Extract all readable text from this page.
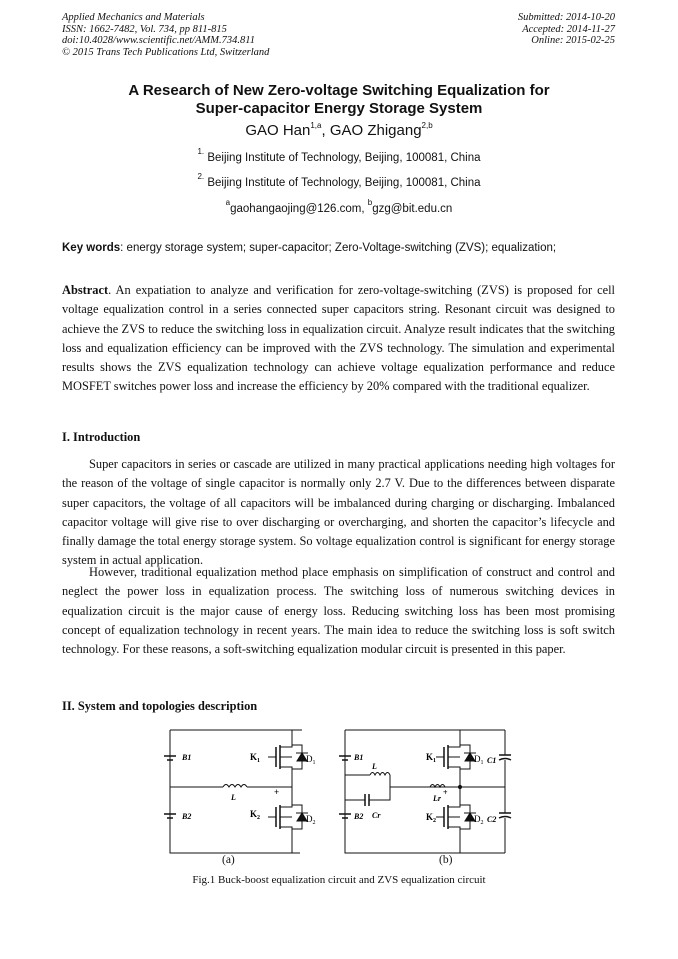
Applied Mechanics and Materials
ISSN: 1662-7482, Vol. 734, pp 811-815
doi:10.4028/www.scientific.net/AMM.734.811
© 2015 Trans Tech Publications Ltd, Switzerland
Submitted: 2014-10-20
Accepted: 2014-11-27
Online: 2015-02-25
A Research of New Zero-voltage Switching Equalization for
Super-capacitor Energy Storage System
GAO Han$^{1,a}$, GAO Zhigang$^{2,b}$
$^{1.}$ Beijing Institute of Technology, Beijing, 100081, China
$^{2.}$ Beijing Institute of Technology, Beijing, 100081, China
$^a$gaohangaojing@126.com, $^b$gzg@bit.edu.cn
Key words: energy storage system; super-capacitor; Zero-Voltage-switching (ZVS); equalization;
Abstract. An expatiation to analyze and verification for zero-voltage-switching (ZVS) is proposed for cell voltage equalization control in a series connected super capacitors string. Resonant circuit was designed to achieve the ZVS to reduce the switching loss in equalization circuit. Analyze result indicates that the switching loss and equalization efficiency can be improved with the ZVS technology. The simulation and experimental results shows the ZVS equalization technology can achieve voltage equalization performance and reduce MOSFET switches power loss and increase the efficiency by 20% compared with the traditional equalizer.
I. Introduction
Super capacitors in series or cascade are utilized in many practical applications needing high voltages for the reason of the voltage of single capacitor is normally only 2.7 V. Due to the differences between disparate super capacitors, the voltage of all capacitors will be imbalanced during charging or discharging. Imbalanced capacitor voltage will give rise to over discharging or overcharging, and shorten the capacitor’s lifecycle and finally damage the total energy storage system. So voltage equalization control is significant for energy storage system in actual application.
However, traditional equalization method place emphasis on simplification of construct and control and neglect the power loss in equalization process. The switching loss of numerous switching devices in equalization circuit is the major cause of energy loss. Reducing switching loss has been most promising concept of equalization technology in recent years. The main idea to reduce the switching loss is soft switch technology. For these reasons, a soft-switching equalization modular circuit is presented in this paper.
II. System and topologies description
B1
B2
$K_1$
$K_2$
$D_1$
$D_2$
L
+
B1
B2
L
Cr
Lr
+
$K_1$
$K_2$
$D_1$
$D_2$
C1
C2
(a)	(b)
Fig.1 Buck-boost equalization circuit and ZVS equalization circuit
